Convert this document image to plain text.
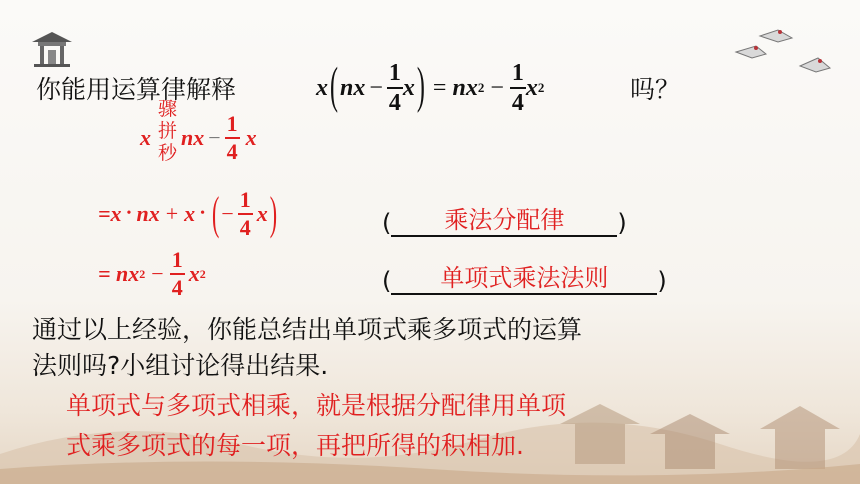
你能用运算律解释	x ( n $x - \frac{1}{4}$ x ) = n x $2 - \frac{1}{4}$ x 2	吗？
骤拼秒
x nx − $\frac{1}{4}$ x
=x • nx + x • ( − $\frac{1}{4}$ x )
= nx $2 - \frac{1}{4}$ x 2
(	乘法分配律	)
(	单项式乘法法则	)
通过以上经验，你能总结出单项式乘多项式的运算
法则吗?小组讨论得出结果.
单项式与多项式相乘，就是根据分配律用单项
式乘多项式的每一项，再把所得的积相加.
